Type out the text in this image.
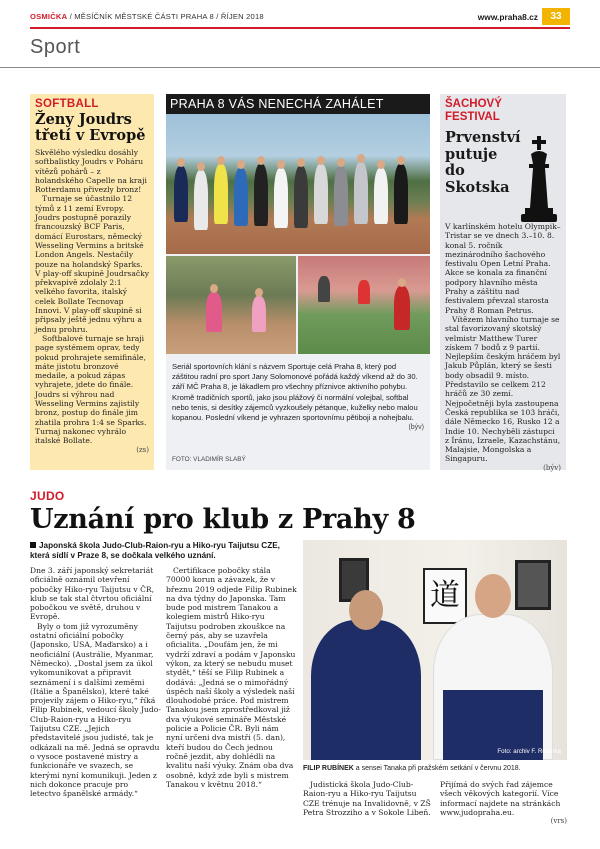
OSMIČKA / MĚSÍČNÍK MĚSTSKÉ ČÁSTI PRAHA 8 / ŘÍJEN 2018	www.praha8.cz	33
Sport
SOFTBALL
Ženy Joudrs třetí v Evropě

Skvělého výsledku dosáhly softbalistky Joudrs v Poháru vítězů pohárů – z holandského Capelle na kraji Rotterdamu přivezly bronz!

Turnaje se účastnilo 12 týmů z 11 zemí Evropy. Joudrs postupně porazily francouzský BCF Paris, domácí Eurostars, německý Wesseling Vermins a britské London Angels. Nestačily pouze na holandský Sparks. V play-off skupině Joudrsačky překvapivě zdolaly 2:1 velkého favorita, italský celek Bollate Tecnovap Innovi. V play-off skupině si připsaly ještě jednu výhru a jednu prohru.

Softbalové turnaje se hraji page systémem oprav, tedy pokud prohrajete semifinále, máte jistotu bronzové medaile, a pokud zápas vyhrajete, jdete do finále. Joudrs si výhrou nad Wesseling Vermins zajistily bronz, postup do finále jim zhatila prohra 1:4 se Sparks. Turnaj nakonec vyhrálo italské Bollate.

(zs)
PRAHA 8 VÁS NENECHÁ ZAHÁLET
Seriál sportovních klání s názvem Sportuje celá Praha 8, který pod záštitou radní pro sport Jany Solomonové pořádá každý víkend až do 30. září MČ Praha 8, je lákadlem pro všechny příznivce aktivního pohybu. Kromě tradičních sportů, jako jsou plážový či normální volejbal, softbal nebo tenis, si desítky zájemců vyzkoušely pétanque, kuželky nebo malou kopanou. Poslední víkend je vyhrazen sportovnímu pětiboji a nohejbalu.
(býv)
FOTO: VLADIMÍR SLABÝ
ŠACHOVÝ
FESTIVAL
Prvenství putuje do Skotska

V karlínském hotelu Olympik–Tristar se ve dnech 3.–10. 8. konal 5. ročník mezinárodního šachového festivalu Open Letní Praha. Akce se konala za finanční podpory hlavního města Prahy a záštitu nad festivalem převzal starosta Prahy 8 Roman Petrus.

Vítězem hlavního turnaje se stal favorizovaný skotský velmistr Matthew Turer získem 7 bodů z 9 partií. Nejlepším českým hráčem byl Jakub Půplán, který se šesti body obsadil 9. místo. Představilo se celkem 212 hráčů ze 30 zemí. Nejpočetněji byla zastoupena Česká republika se 103 hráči, dále Německo 16, Rusko 12 a Indie 10. Nechyběli zástupci z Íránu, Izraele, Kazachstánu, Malajsie, Mongolska a Singapuru.

(býv)
JUDO
Uznání pro klub z Prahy 8
Japonská škola Judo-Club-Raion-ryu a Hiko-ryu Taijutsu CZE, která sídlí v Praze 8, se dočkala velkého uznání.

Dne 3. září japonský sekretariát oficiálně oznámil otevření pobočky Hiko-ryu Taijutsu v ČR, klub se tak stal čtvrtou oficiální pobočkou ve světě, druhou v Evropě.

Byly o tom již vyrozuměny ostatní oficiální pobočky (Japonsko, USA, Maďarsko) a i neoficiální (Austrálie, Myanmar, Německo). „Dostal jsem za úkol vykomunikovat a připravit seznámení i s dalšími zeměmi (Itálie a Španělsko), které také projevily zájem o Hiko-ryu,“ říká Filip Rubinek, vedoucí školy Judo-Club-Raion-ryu a Hiko-ryu Taijutsu CZE. „Jejich představitelé jsou judisté, tak je odkázali na mě. Jedná se opravdu o vysoce postavené mistry a funkcionáře ve svazech, se kterými nyní komunikuji. Jeden z nich dokonce pracuje pro letectvo španělské armády.“

Certifikace pobočky stála 70000 korun a závazek, že v březnu 2019 odjede Filip Rubinek na dva týdny do Japonska. Tam bude pod mistrem Tanakou a kolegiem mistrů Hiko-ryu Taijutsu podroben zkouškce na černý pás, aby se uzavřela oficialita. „Doufám jen, že mi vydrží zdraví a podám v Japonsku výkon, za který se nebudu muset stydět,“ těší se Filip Rubinek a dodává: „Jedná se o mimořádný úspěch naší školy a výsledek naší dlouhodobé práce. Pod mistrem Tanakou jsem zprostředkoval již dva výukové semináře Městské policie a Policie ČR. Byli nám nyní určeni dva mistři (5. dan), kteří budou do Čech jednou ročně jezdit, aby dohlédli na kvalitu naší výuky. Znám oba dva osobně, když zde byli s mistrem Tanakou v květnu 2018.“

道
Foto: archiv F. Rubínka
FILIP RUBÍNEK a sensei Tanaka při pražském setkání v červnu 2018.

Judistická škola Judo-Club-Raion-ryu a Hiko-ryu Taijutsu CZE trénuje na Invalidovně, v ZŠ Petra Strozziho a v Sokole Libeň.

Přijímá do svých řad zájemce všech věkových kategorií. Více informací najdete na stránkách www.judopraha.eu.

(vrs)
